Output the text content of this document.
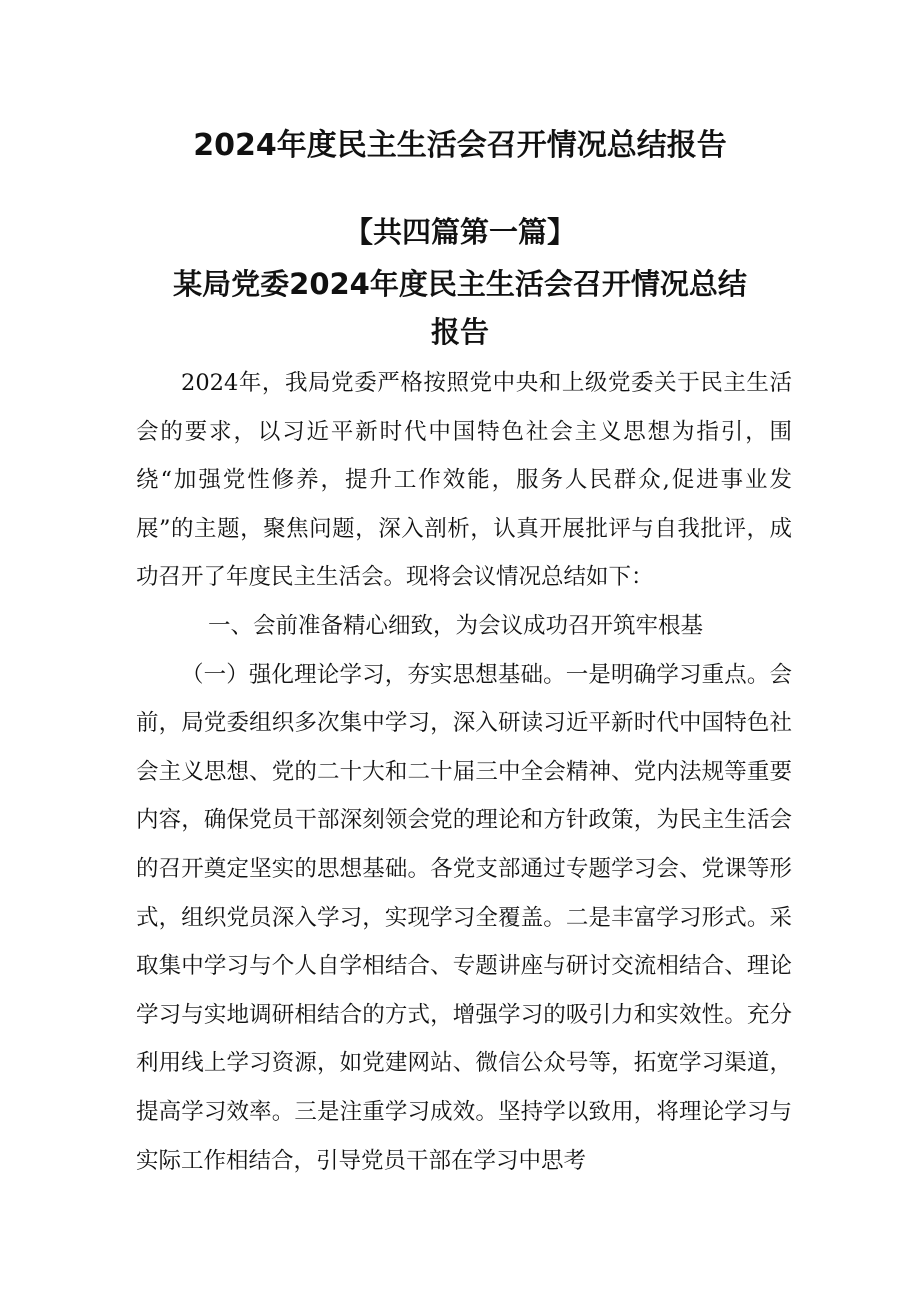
2024年度民主生活会召开情况总结报告
【共四篇第一篇】
某局党委2024年度民主生活会召开情况总结
报告

2024年，我局党委严格按照党中央和上级党委关于民主生活会的要求，以习近平新时代中国特色社会主义思想为指引，围绕“加强党性修养，提升工作效能，服务人民群众,促进事业发展”的主题，聚焦问题，深入剖析，认真开展批评与自我批评，成功召开了年度民主生活会。现将会议情况总结如下：

一、会前准备精心细致，为会议成功召开筑牢根基

（一）强化理论学习，夯实思想基础。一是明确学习重点。会前，局党委组织多次集中学习，深入研读习近平新时代中国特色社会主义思想、党的二十大和二十届三中全会精神、党内法规等重要内容，确保党员干部深刻领会党的理论和方针政策，为民主生活会的召开奠定坚实的思想基础。各党支部通过专题学习会、党课等形式，组织党员深入学习，实现学习全覆盖。二是丰富学习形式。采取集中学习与个人自学相结合、专题讲座与研讨交流相结合、理论学习与实地调研相结合的方式，增强学习的吸引力和实效性。充分利用线上学习资源，如党建网站、微信公众号等，拓宽学习渠道，提高学习效率。三是注重学习成效。坚持学以致用，将理论学习与实际工作相结合，引导党员干部在学习中思考
